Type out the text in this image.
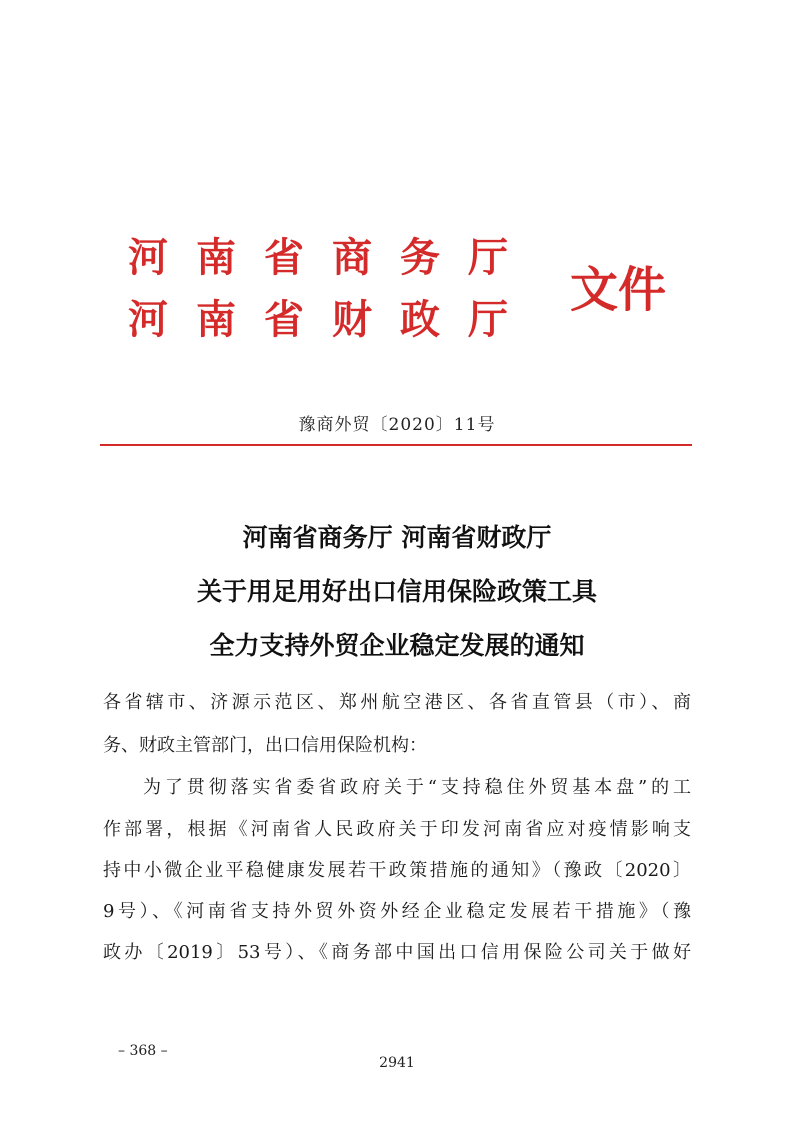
河南省商务厅
河南省财政厅
文件
豫商外贸〔2020〕11号
河南省商务厅 河南省财政厅
关于用足用好出口信用保险政策工具
全力支持外贸企业稳定发展的通知
各省辖市、济源示范区、郑州航空港区、各省直管县（市）、商
务、财政主管部门，出口信用保险机构：
为了贯彻落实省委省政府关于“支持稳住外贸基本盘”的工
作部署，根据《河南省人民政府关于印发河南省应对疫情影响支
持中小微企业平稳健康发展若干政策措施的通知》（豫政〔2020〕
9号）、《河南省支持外贸外资外经企业稳定发展若干措施》（豫
政办〔2019〕53号）、《商务部中国出口信用保险公司关于做好
– 368 –
2941
